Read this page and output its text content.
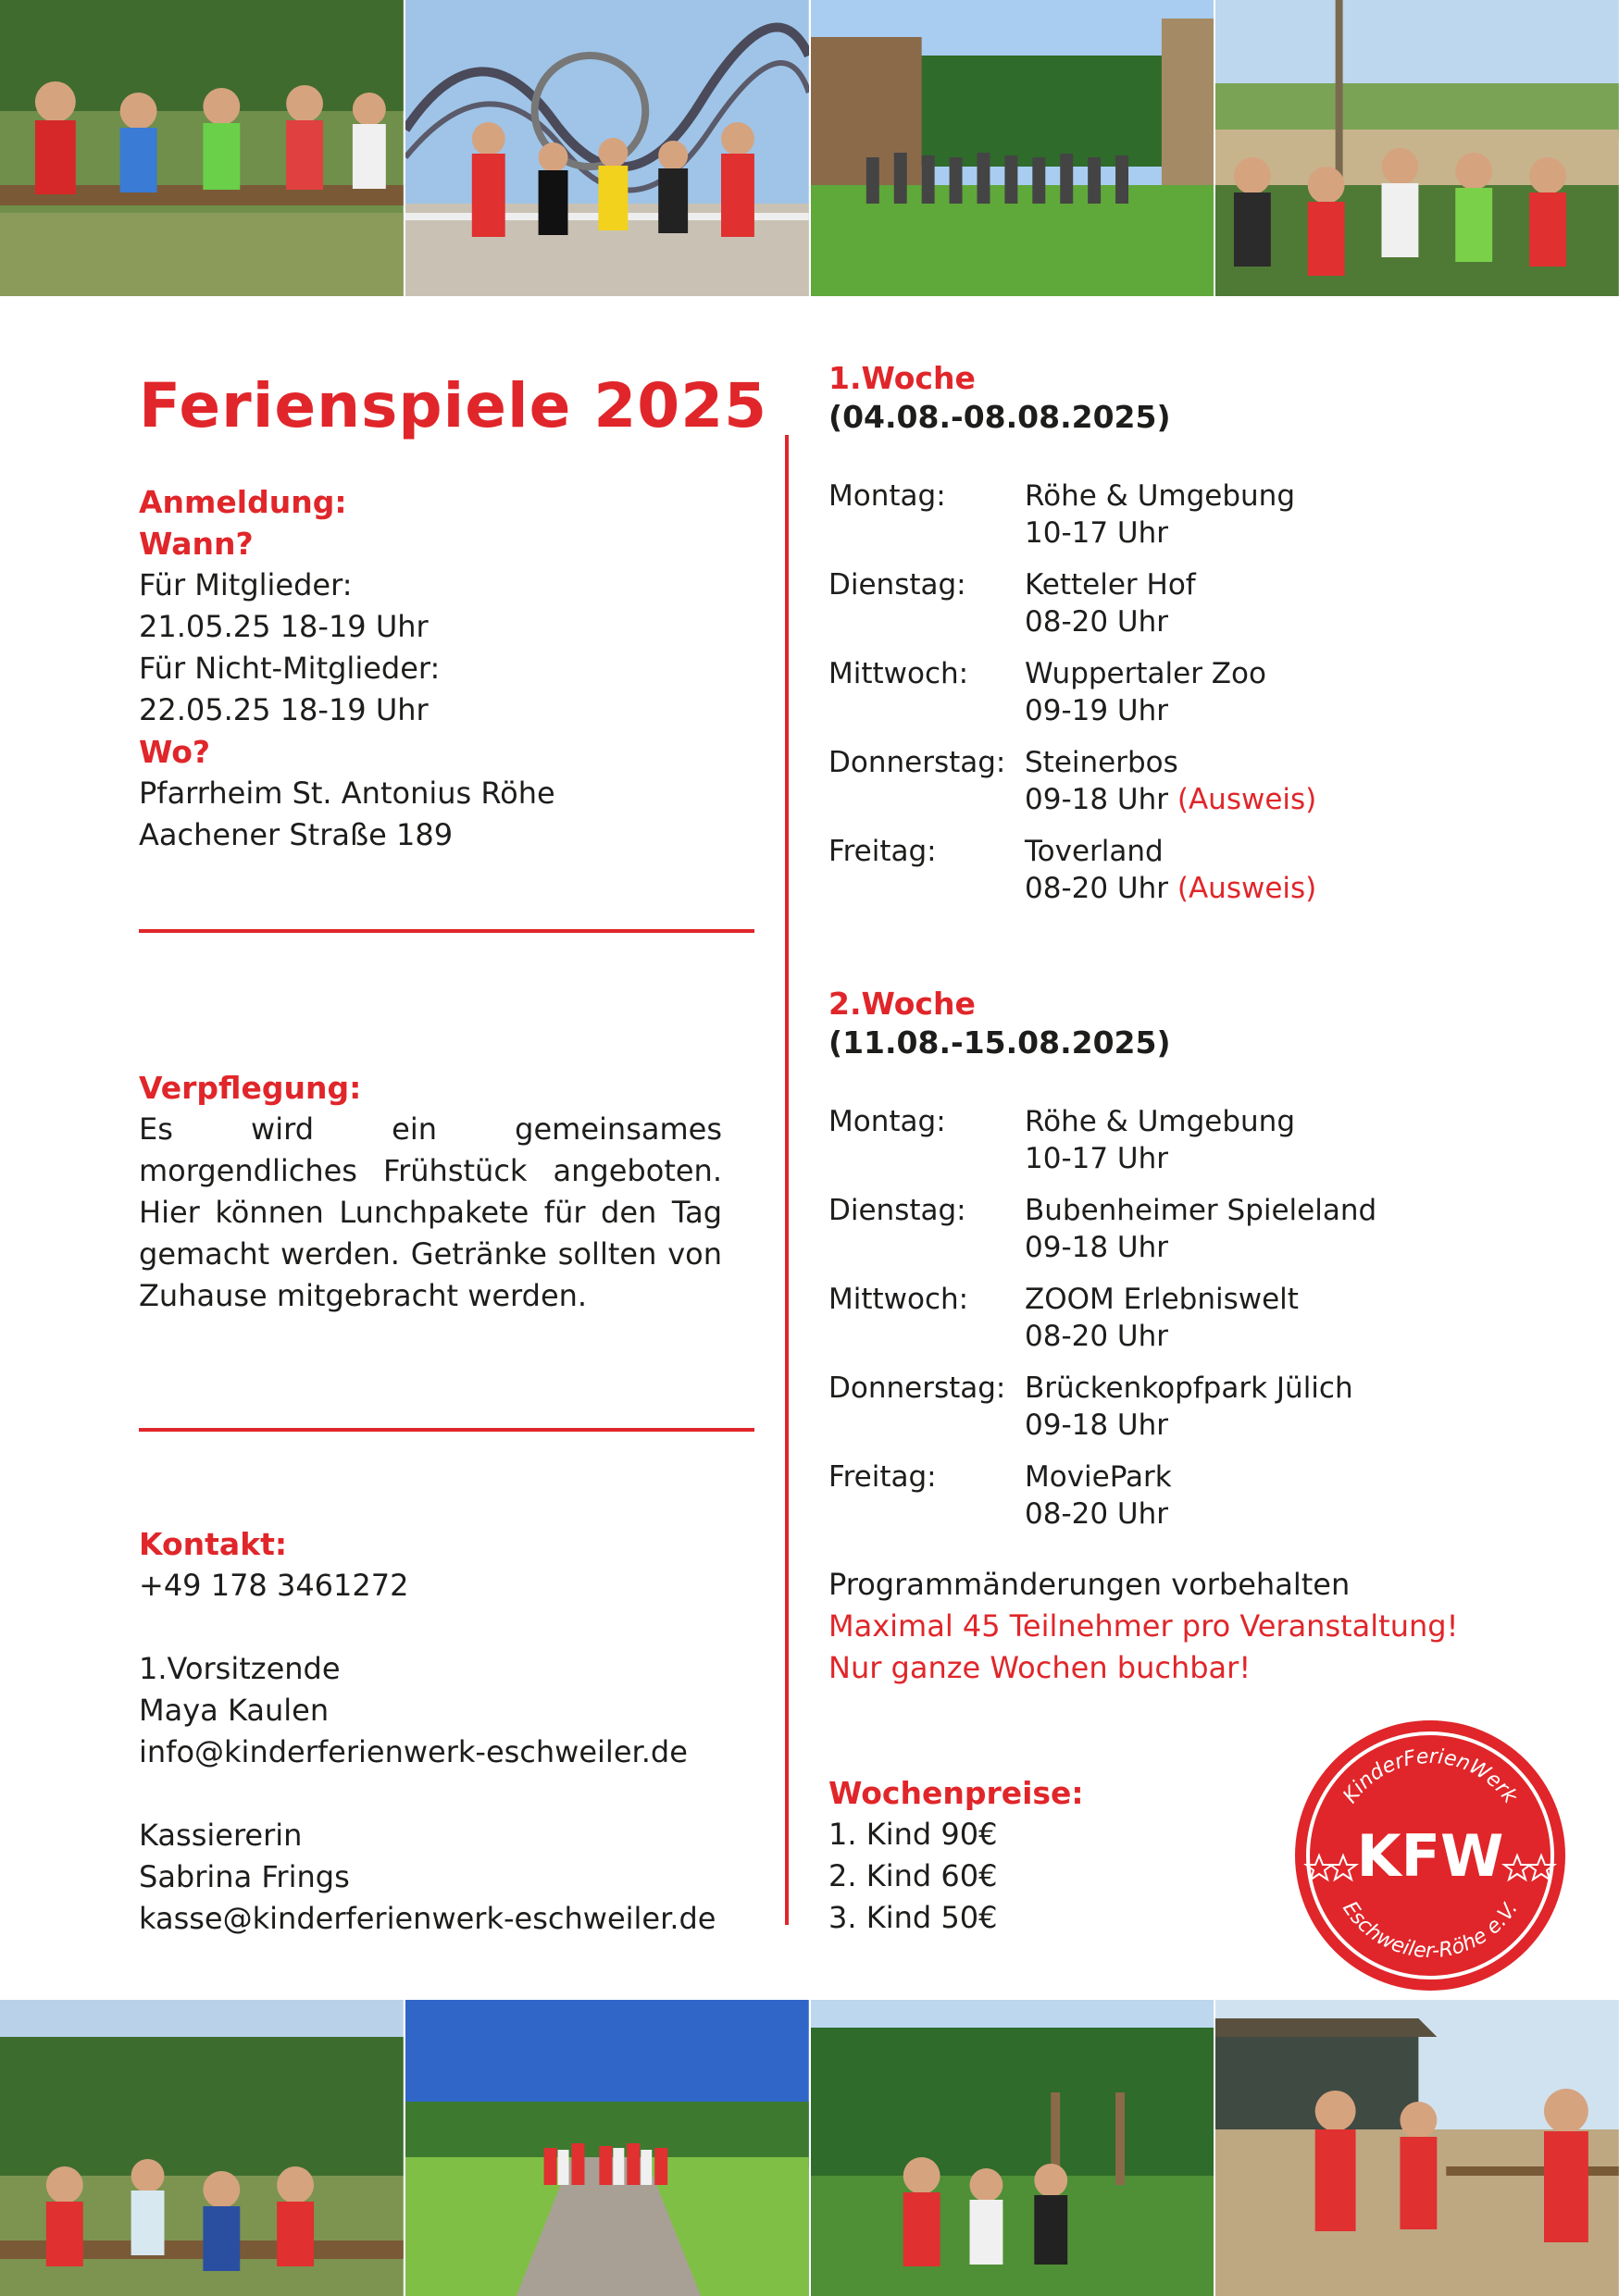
Ferienspiele 2025
Anmeldung:
Wann?
Für Mitglieder:
21.05.25 18-19 Uhr
Für Nicht-Mitglieder:
22.05.25 18-19 Uhr
Wo?
Pfarrheim St. Antonius Röhe
Aachener Straße 189
Verpflegung:
Es wird ein gemeinsames morgendliches Frühstück angeboten. Hier können Lunchpakete für den Tag gemacht werden. Getränke sollten von Zuhause mitgebracht werden.
Kontakt:
+49 178 3461272
1.Vorsitzende
Maya Kaulen
info@kinderferienwerk-eschweiler.de
Kassiererin
Sabrina Frings
kasse@kinderferienwerk-eschweiler.de
1.Woche
(04.08.-08.08.2025)
Montag:	Röhe & Umgebung
10-17 Uhr
Dienstag:	Ketteler Hof
08-20 Uhr
Mittwoch:	Wuppertaler Zoo
09-19 Uhr
Donnerstag: Steinerbos
09-18 Uhr (Ausweis)
Freitag:	Toverland
08-20 Uhr (Ausweis)
2.Woche
(11.08.-15.08.2025)
Montag:	Röhe & Umgebung
10-17 Uhr
Dienstag:	Bubenheimer Spieleland
09-18 Uhr
Mittwoch:	ZOOM Erlebniswelt
08-20 Uhr
Donnerstag: Brückenkopfpark Jülich
09-18 Uhr
Freitag:	MoviePark
08-20 Uhr
Programmänderungen vorbehalten
Maximal 45 Teilnehmer pro Veranstaltung!
Nur ganze Wochen buchbar!
Wochenpreise:
1. Kind 90€
2. Kind 60€
3. Kind 50€
KinderFerienWerk
Eschweiler-Röhe e.V.
KFW
